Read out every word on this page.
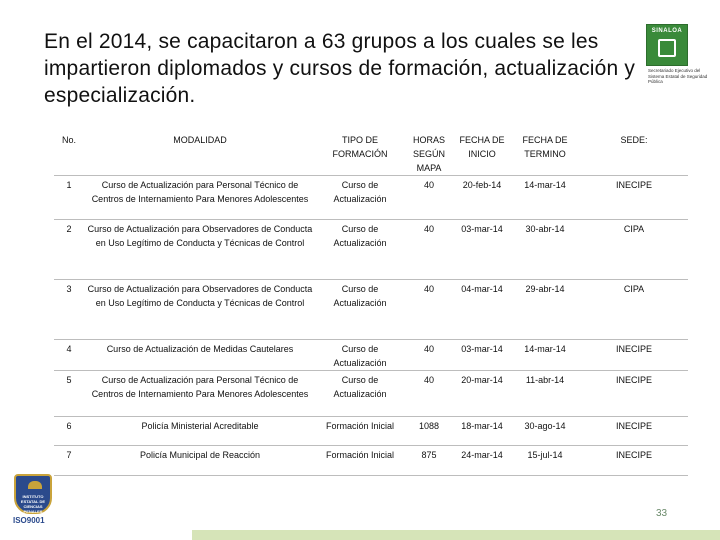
En el 2014, se capacitaron a 63 grupos a los cuales se les impartieron diplomados y cursos de formación, actualización y especialización.
SINALOA
Secretariado Ejecutivo del Sistema Estatal de Seguridad Pública
No.	MODALIDAD	TIPO DE FORMACIÓN	HORAS SEGÚN MAPA	FECHA DE INICIO	FECHA DE TERMINO	SEDE:
1	Curso de Actualización para Personal Técnico de Centros de Internamiento Para Menores Adolescentes	Curso de Actualización	40	20-feb-14	14-mar-14	INECIPE
2	Curso de Actualización para Observadores de Conducta en Uso Legítimo de Conducta y Técnicas de Control	Curso de Actualización	40	03-mar-14	30-abr-14	CIPA
3	Curso de Actualización para Observadores de Conducta en Uso Legítimo de Conducta y Técnicas de Control	Curso de Actualización	40	04-mar-14	29-abr-14	CIPA
4	Curso de Actualización de Medidas Cautelares	Curso de Actualización	40	03-mar-14	14-mar-14	INECIPE
5	Curso de Actualización para Personal Técnico de Centros de Internamiento Para Menores Adolescentes	Curso de Actualización	40	20-mar-14	11-abr-14	INECIPE
6	Policía Ministerial Acreditable	Formación Inicial	1088	18-mar-14	30-ago-14	INECIPE
7	Policía Municipal de Reacción	Formación Inicial	875	24-mar-14	15-jul-14	INECIPE
INSTITUTO ESTATAL DE CIENCIAS PENALES
ISO9001
33
